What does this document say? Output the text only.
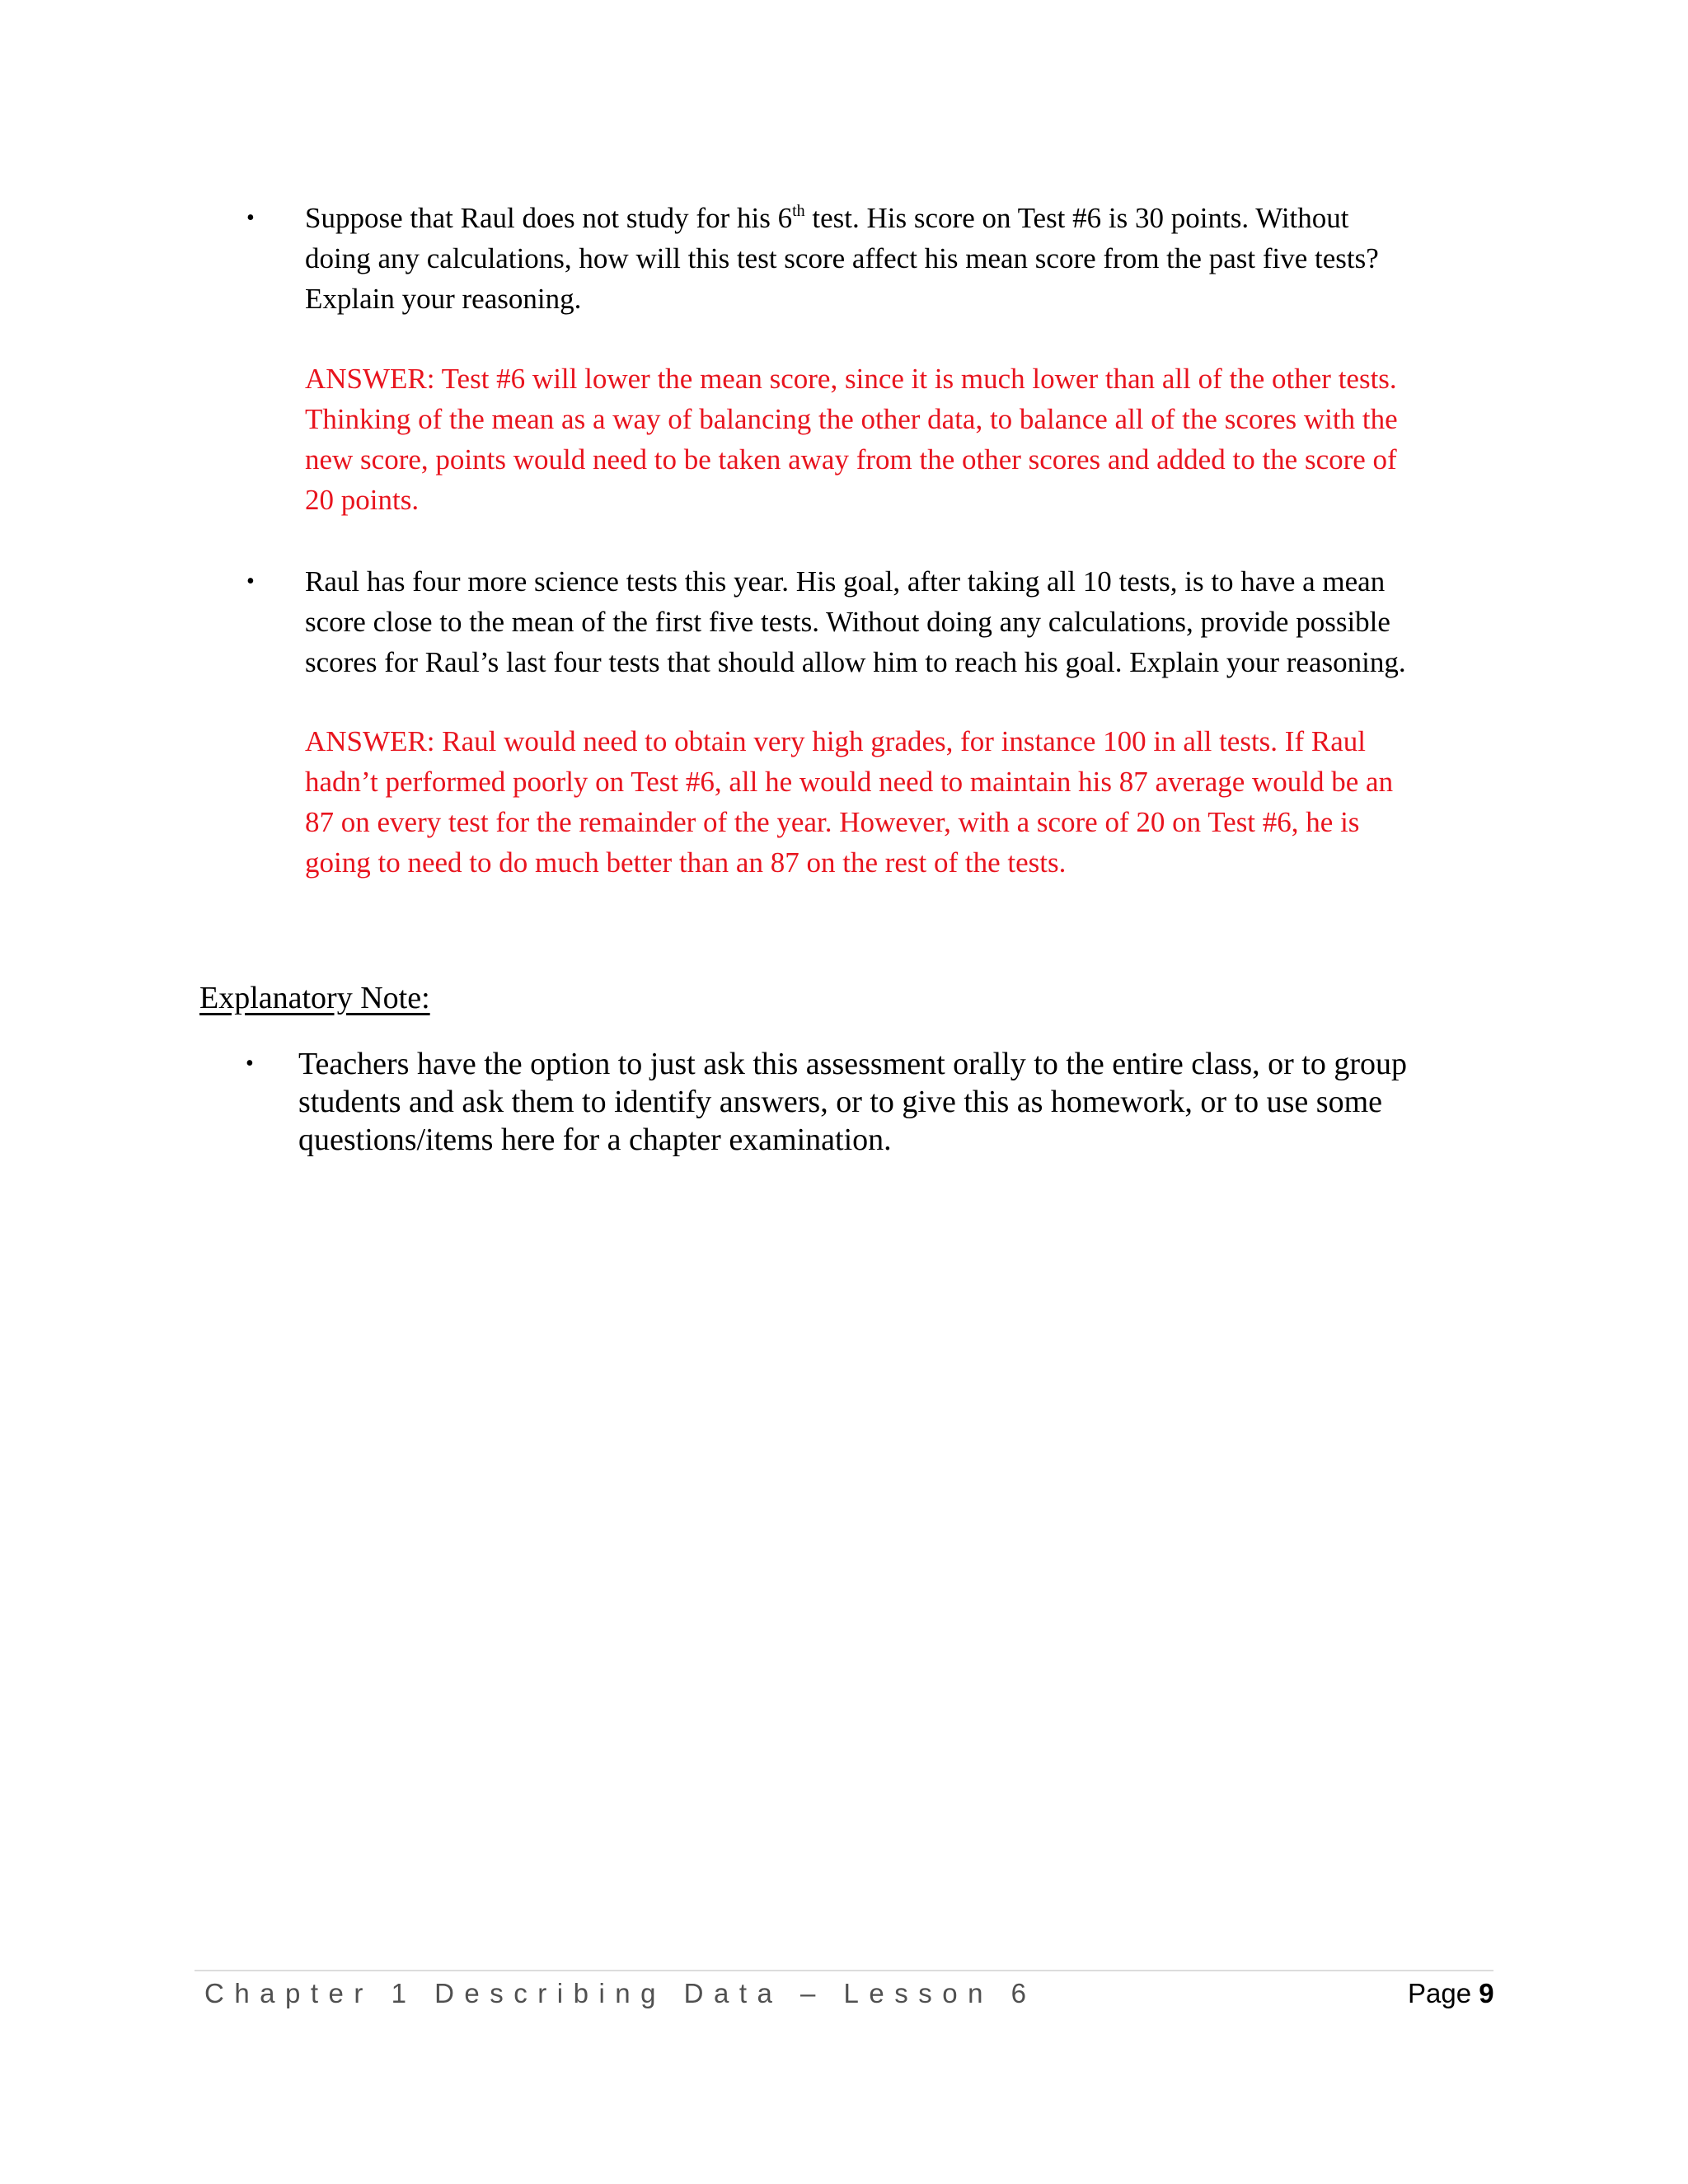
• Suppose that Raul does not study for his 6th test. His score on Test #6 is 30 points. Without
doing any calculations, how will this test score affect his mean score from the past five tests?
Explain your reasoning.
ANSWER: Test #6 will lower the mean score, since it is much lower than all of the other tests.
Thinking of the mean as a way of balancing the other data, to balance all of the scores with the
new score, points would need to be taken away from the other scores and added to the score of
20 points.
• Raul has four more science tests this year. His goal, after taking all 10 tests, is to have a mean
score close to the mean of the first five tests. Without doing any calculations, provide possible
scores for Raul’s last four tests that should allow him to reach his goal. Explain your reasoning.
ANSWER: Raul would need to obtain very high grades, for instance 100 in all tests. If Raul
hadn’t performed poorly on Test #6, all he would need to maintain his 87 average would be an
87 on every test for the remainder of the year. However, with a score of 20 on Test #6, he is
going to need to do much better than an 87 on the rest of the tests.
Explanatory Note:
• Teachers have the option to just ask this assessment orally to the entire class, or to group
students and ask them to identify answers, or to give this as homework, or to use some
questions/items here for a chapter examination.
Chapter 1 Describing Data – Lesson 6	Page 9
